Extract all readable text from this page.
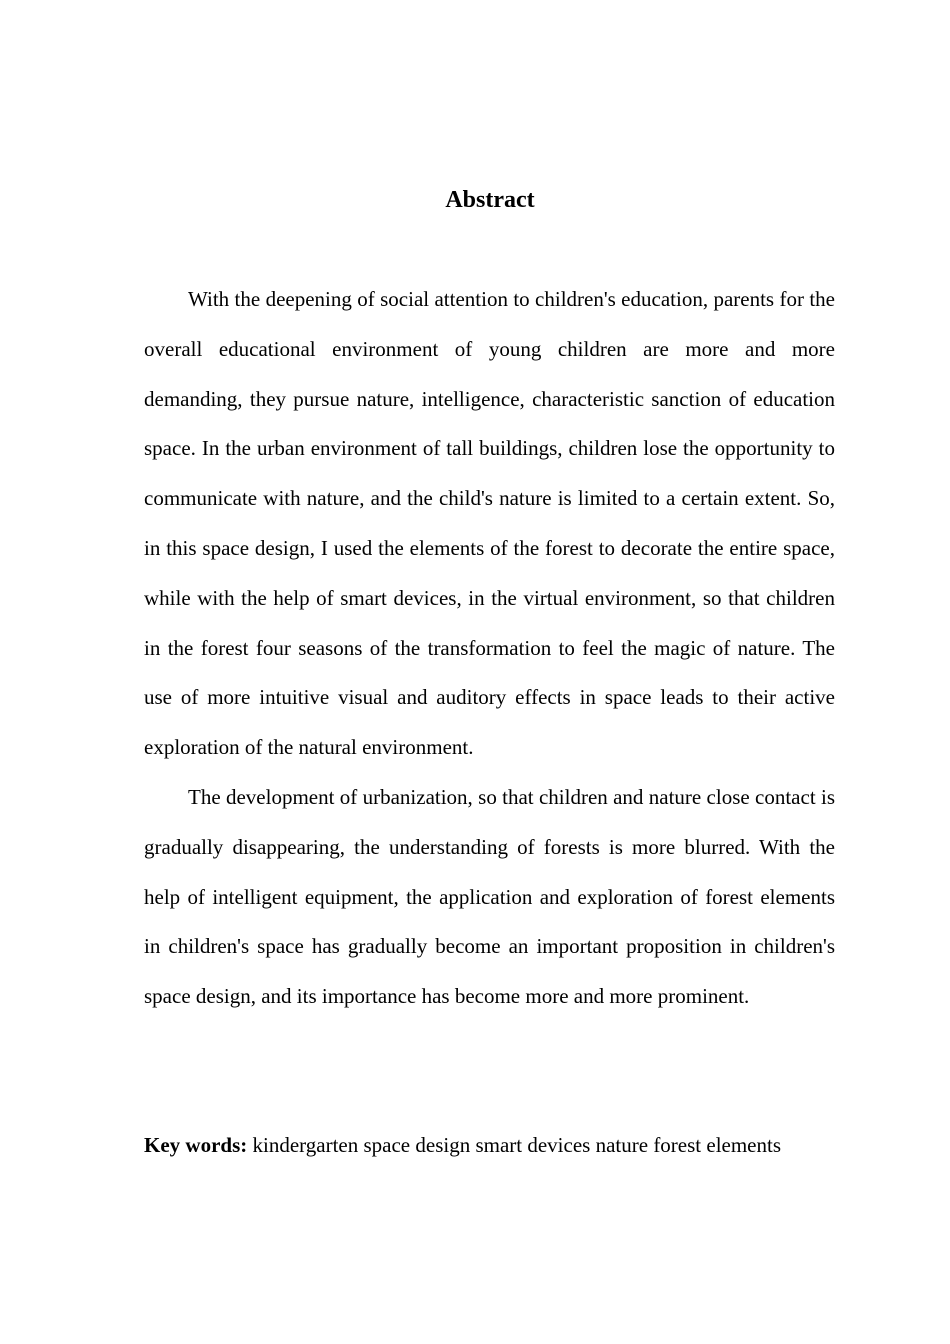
Abstract

With the deepening of social attention to children's education, parents for the overall educational environment of young children are more and more demanding, they pursue nature, intelligence, characteristic sanction of education space. In the urban environment of tall buildings, children lose the opportunity to communicate with nature, and the child's nature is limited to a certain extent. So, in this space design, I used the elements of the forest to decorate the entire space, while with the help of smart devices, in the virtual environment, so that children in the forest four seasons of the transformation to feel the magic of nature. The use of more intuitive visual and auditory effects in space leads to their active exploration of the natural environment.

The development of urbanization, so that children and nature close contact is gradually disappearing, the understanding of forests is more blurred. With the help of intelligent equipment, the application and exploration of forest elements in children's space has gradually become an important proposition in children's space design, and its importance has become more and more prominent.

Key words: kindergarten space design smart devices nature forest elements
